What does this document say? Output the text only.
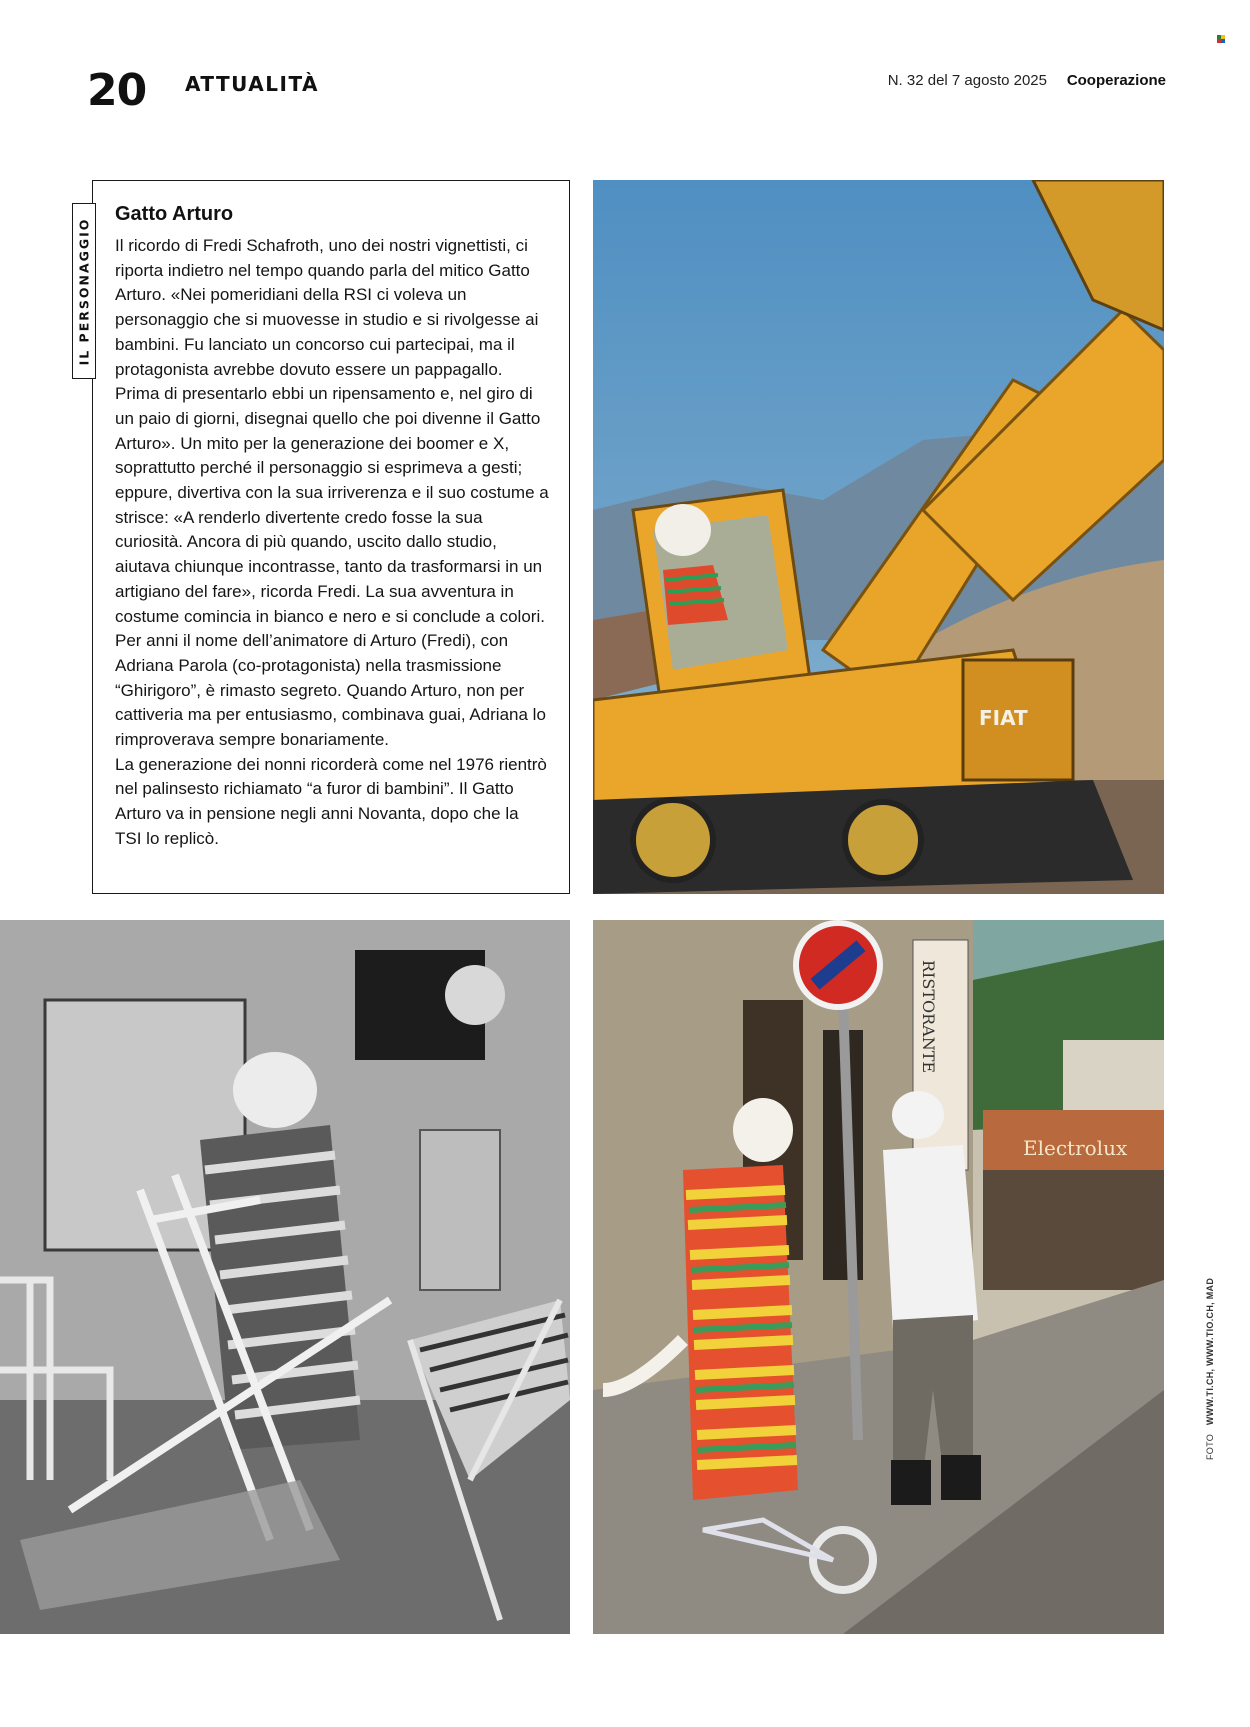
20 ATTUALITÀ	N. 32 del 7 agosto 2025 Cooperazione
Gatto Arturo

Il ricordo di Fredi Schafroth, uno dei nostri vignettisti, ci riporta indietro nel tempo quando parla del mitico Gatto Arturo. «Nei pomeridiani della RSI ci voleva un personaggio che si muovesse in studio e si rivolgesse ai bambini. Fu lanciato un concorso cui partecipai, ma il protagonista avrebbe dovuto essere un pappagallo. Prima di presentarlo ebbi un ripensamento e, nel giro di un paio di giorni, disegnai quello che poi divenne il Gatto Arturo». Un mito per la generazione dei boomer e X, soprattutto perché il personaggio si esprimeva a gesti; eppure, divertiva con la sua irriverenza e il suo costume a strisce: «A renderlo divertente credo fosse la sua curiosità. Ancora di più quando, uscito dallo studio, aiutava chiunque incontrasse, tanto da trasformarsi in un artigiano del fare», ricorda Fredi. La sua avventura in costume comincia in bianco e nero e si conclude a colori. Per anni il nome dell’animatore di Arturo (Fredi), con Adriana Parola (co-protagonista) nella trasmissione “Ghirigoro”, è rimasto segreto. Quando Arturo, non per cattiveria ma per entusiasmo, combinava guai, Adriana lo rimproverava sempre bonariamente.

La generazione dei nonni ricorderà come nel 1976 rientrò nel palinsesto richiamato “a furor di bambini”. Il Gatto Arturo va in pensione negli anni Novanta, dopo che la TSI lo replicò.

IL PERSONAGGIO
FIAT
Electrolux
RISTORANTE
FOTO WWW.TI.CH, WWW.TIO.CH, MAD
